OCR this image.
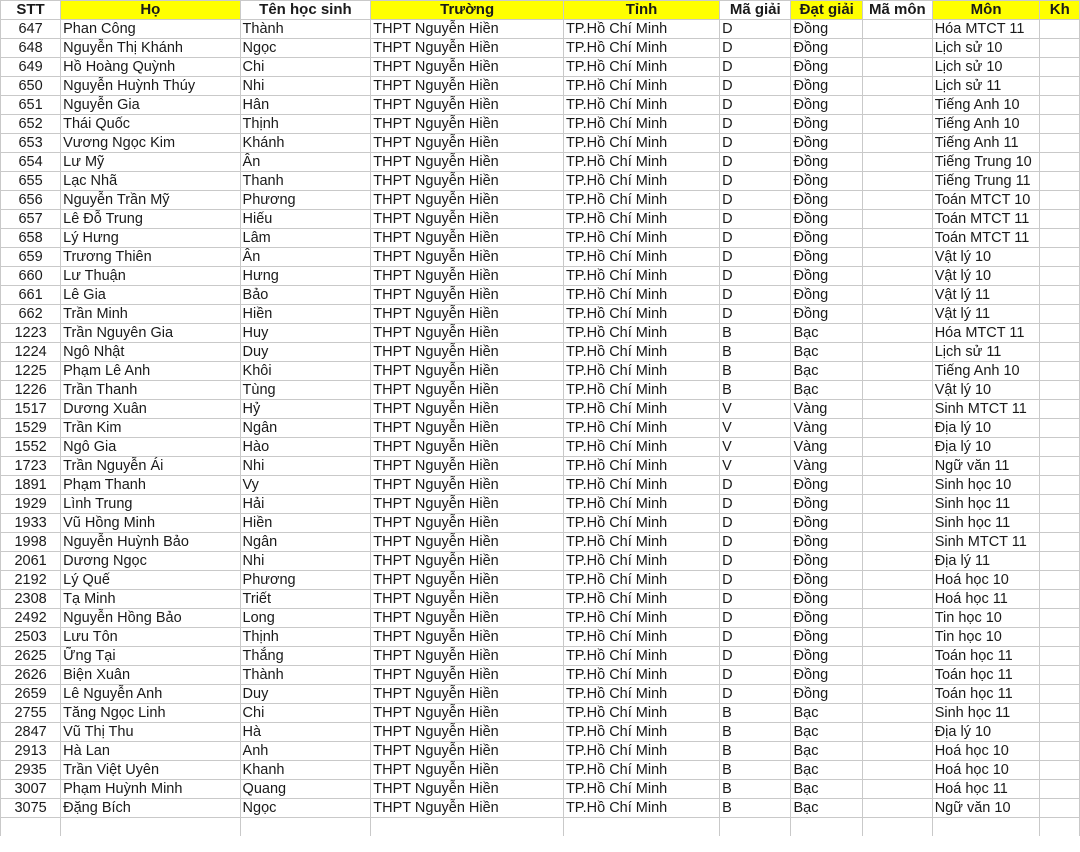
STT	Họ	Tên học sinh	Trường	Tỉnh	Mã giải	Đạt giải	Mã môn	Môn	Kh
647	Phan Công	Thành	THPT Nguyễn Hiền	TP.Hồ Chí Minh	D	Đồng		Hóa MTCT 11	
648	Nguyễn Thị Khánh	Ngọc	THPT Nguyễn Hiền	TP.Hồ Chí Minh	D	Đồng		Lịch sử 10	
649	Hồ Hoàng Quỳnh	Chi	THPT Nguyễn Hiền	TP.Hồ Chí Minh	D	Đồng		Lịch sử 10	
650	Nguyễn Huỳnh Thúy	Nhi	THPT Nguyễn Hiền	TP.Hồ Chí Minh	D	Đồng		Lịch sử 11	
651	Nguyễn Gia	Hân	THPT Nguyễn Hiền	TP.Hồ Chí Minh	D	Đồng		Tiếng Anh 10	
652	Thái Quốc	Thịnh	THPT Nguyễn Hiền	TP.Hồ Chí Minh	D	Đồng		Tiếng Anh 10	
653	Vương Ngọc Kim	Khánh	THPT Nguyễn Hiền	TP.Hồ Chí Minh	D	Đồng		Tiếng Anh 11	
654	Lư Mỹ	Ân	THPT Nguyễn Hiền	TP.Hồ Chí Minh	D	Đồng		Tiếng Trung 10	
655	Lạc Nhã	Thanh	THPT Nguyễn Hiền	TP.Hồ Chí Minh	D	Đồng		Tiếng Trung 11	
656	Nguyễn Trần Mỹ	Phương	THPT Nguyễn Hiền	TP.Hồ Chí Minh	D	Đồng		Toán MTCT 10	
657	Lê Đỗ Trung	Hiếu	THPT Nguyễn Hiền	TP.Hồ Chí Minh	D	Đồng		Toán MTCT 11	
658	Lý Hưng	Lâm	THPT Nguyễn Hiền	TP.Hồ Chí Minh	D	Đồng		Toán MTCT 11	
659	Trương Thiên	Ân	THPT Nguyễn Hiền	TP.Hồ Chí Minh	D	Đồng		Vật lý 10	
660	Lư Thuận	Hưng	THPT Nguyễn Hiền	TP.Hồ Chí Minh	D	Đồng		Vật lý 10	
661	Lê Gia	Bảo	THPT Nguyễn Hiền	TP.Hồ Chí Minh	D	Đồng		Vật lý 11	
662	Trần Minh	Hiền	THPT Nguyễn Hiền	TP.Hồ Chí Minh	D	Đồng		Vật lý 11	
1223	Trần Nguyên Gia	Huy	THPT Nguyễn Hiền	TP.Hồ Chí Minh	B	Bạc		Hóa MTCT 11	
1224	Ngô Nhật	Duy	THPT Nguyễn Hiền	TP.Hồ Chí Minh	B	Bạc		Lịch sử 11	
1225	Phạm Lê Anh	Khôi	THPT Nguyễn Hiền	TP.Hồ Chí Minh	B	Bạc		Tiếng Anh 10	
1226	Trần Thanh	Tùng	THPT Nguyễn Hiền	TP.Hồ Chí Minh	B	Bạc		Vật lý 10	
1517	Dương Xuân	Hỷ	THPT Nguyễn Hiền	TP.Hồ Chí Minh	V	Vàng		Sinh MTCT 11	
1529	Trần Kim	Ngân	THPT Nguyễn Hiền	TP.Hồ Chí Minh	V	Vàng		Địa lý 10	
1552	Ngô Gia	Hào	THPT Nguyễn Hiền	TP.Hồ Chí Minh	V	Vàng		Địa lý 10	
1723	Trần Nguyễn Ái	Nhi	THPT Nguyễn Hiền	TP.Hồ Chí Minh	V	Vàng		Ngữ văn 11	
1891	Phạm Thanh	Vy	THPT Nguyễn Hiền	TP.Hồ Chí Minh	D	Đồng		Sinh học 10	
1929	Lình Trung	Hải	THPT Nguyễn Hiền	TP.Hồ Chí Minh	D	Đồng		Sinh học 11	
1933	Vũ Hồng Minh	Hiền	THPT Nguyễn Hiền	TP.Hồ Chí Minh	D	Đồng		Sinh học 11	
1998	Nguyễn Huỳnh Bảo	Ngân	THPT Nguyễn Hiền	TP.Hồ Chí Minh	D	Đồng		Sinh MTCT 11	
2061	Dương Ngọc	Nhi	THPT Nguyễn Hiền	TP.Hồ Chí Minh	D	Đồng		Địa lý 11	
2192	Lý Quế	Phương	THPT Nguyễn Hiền	TP.Hồ Chí Minh	D	Đồng		Hoá học 10	
2308	Tạ Minh	Triết	THPT Nguyễn Hiền	TP.Hồ Chí Minh	D	Đồng		Hoá học 11	
2492	Nguyễn Hồng Bảo	Long	THPT Nguyễn Hiền	TP.Hồ Chí Minh	D	Đồng		Tin học 10	
2503	Lưu Tôn	Thịnh	THPT Nguyễn Hiền	TP.Hồ Chí Minh	D	Đồng		Tin học 10	
2625	Ững Tại	Thắng	THPT Nguyễn Hiền	TP.Hồ Chí Minh	D	Đồng		Toán học 11	
2626	Biện Xuân	Thành	THPT Nguyễn Hiền	TP.Hồ Chí Minh	D	Đồng		Toán học 11	
2659	Lê Nguyễn Anh	Duy	THPT Nguyễn Hiền	TP.Hồ Chí Minh	D	Đồng		Toán học 11	
2755	Tăng Ngọc Linh	Chi	THPT Nguyễn Hiền	TP.Hồ Chí Minh	B	Bạc		Sinh học 11	
2847	Vũ Thị Thu	Hà	THPT Nguyễn Hiền	TP.Hồ Chí Minh	B	Bạc		Địa lý 10	
2913	Hà Lan	Anh	THPT Nguyễn Hiền	TP.Hồ Chí Minh	B	Bạc		Hoá học 10	
2935	Trần Việt Uyên	Khanh	THPT Nguyễn Hiền	TP.Hồ Chí Minh	B	Bạc		Hoá học 10	
3007	Phạm Huỳnh Minh	Quang	THPT Nguyễn Hiền	TP.Hồ Chí Minh	B	Bạc		Hoá học 11	
3075	Đặng Bích	Ngọc	THPT Nguyễn Hiền	TP.Hồ Chí Minh	B	Bạc		Ngữ văn 10	
